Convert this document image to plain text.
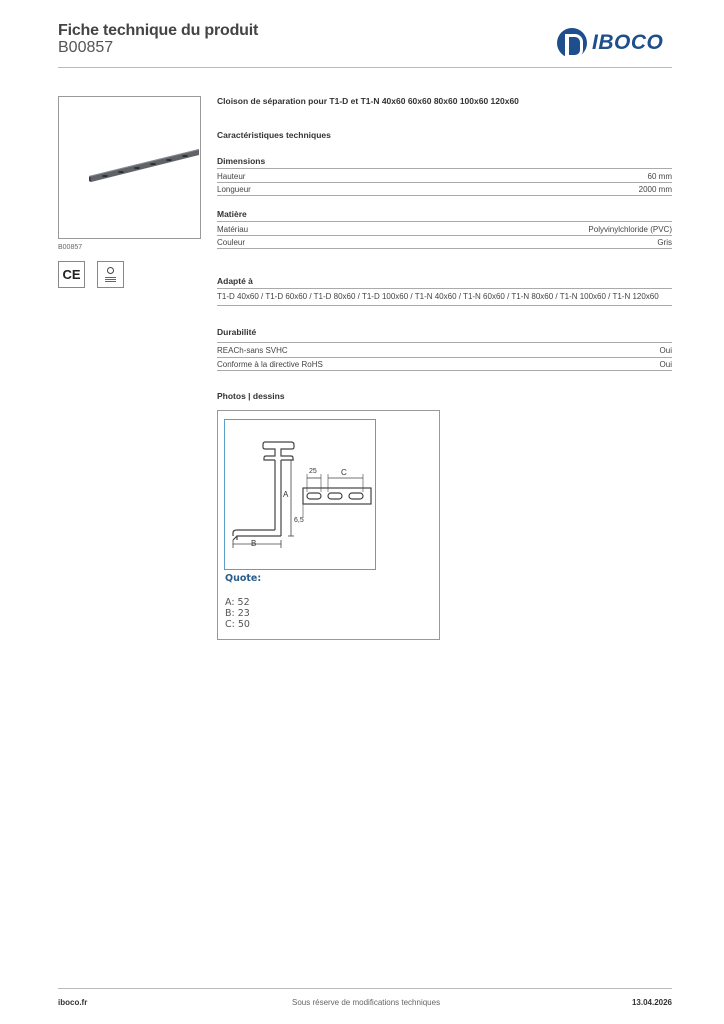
Fiche technique du produit
B00857	IBOCO
B00857
CE
Cloison de séparation pour T1-D et T1-N 40x60 60x60 80x60 100x60 120x60
Caractéristiques techniques
Dimensions
Hauteur	60 mm
Longueur	2000 mm
Matière
Matériau	Polyvinylchloride (PVC)
Couleur	Gris
Adapté à
T1-D 40x60 / T1-D 60x60 / T1-D 80x60 / T1-D 100x60 / T1-N 40x60 / T1-N 60x60 / T1-N 80x60 / T1-N 100x60 / T1-N 120x60
Durabilité
REACh-sans SVHC	Oui
Conforme à la directive RoHS	Oui
Photos | dessins
A
B
C
25
6,5
Quote:
A: 52
B: 23
C: 50
iboco.fr	Sous réserve de modifications techniques	13.04.2026
